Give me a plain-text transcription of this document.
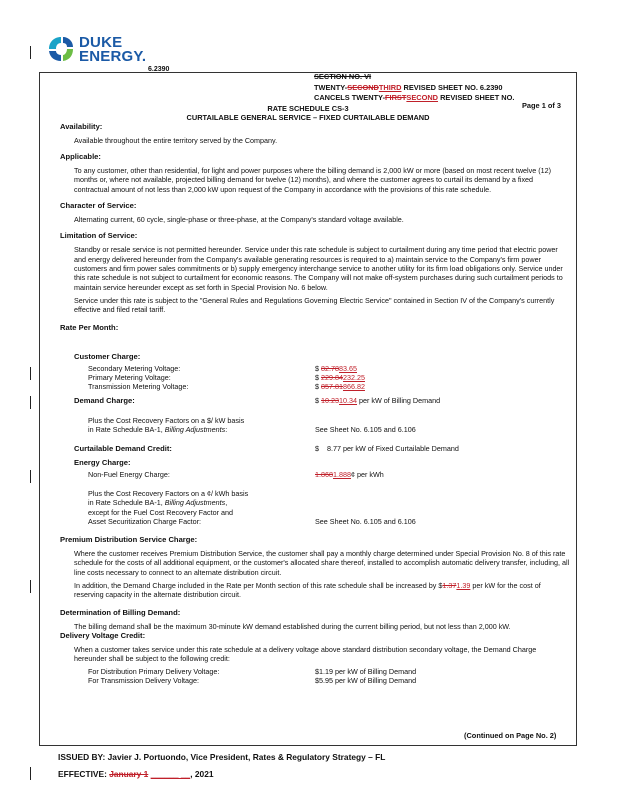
DUKE
ENERGY.
6.2390
SECTION NO. VI
TWENTY-SECONDTHIRD REVISED SHEET NO. 6.2390
CANCELS TWENTY-FIRSTSECOND REVISED SHEET NO.
Page 1 of 3
RATE SCHEDULE CS-3
CURTAILABLE GENERAL SERVICE – FIXED CURTAILABLE DEMAND
Availability:

Available throughout the entire territory served by the Company.

Applicable:

To any customer, other than residential, for light and power purposes where the billing demand is 2,000 kW or more (based on most recent twelve (12) months or, where not available, projected billing demand for twelve (12) months), and where the customer agrees to curtail its demand by a fixed contractual amount of not less than 2,000 kW upon request of the Company in accordance with the provisions of this rate schedule.

Character of Service:

Alternating current, 60 cycle, single-phase or three-phase, at the Company's standard voltage available.

Limitation of Service:

Standby or resale service is not permitted hereunder. Service under this rate schedule is subject to curtailment during any time period that electric power and energy delivered hereunder from the Company's available generating resources is required to a) maintain service to the Company's firm power customers and firm power sales commitments or b) supply emergency interchange service to another utility for its firm load obligations only. Service under this rate schedule is not subject to curtailment for economic reasons. The Company will not make off-system purchases during such curtailment periods to maintain service hereunder except as set forth in Special Provision No. 6 below.

Service under this rate is subject to the "General Rules and Regulations Governing Electric Service" contained in Section IV of the Company's currently effective and filed retail tariff.

Rate Per Month:
Customer Charge:
Secondary Metering Voltage:	$ 82.7883.65
Primary Metering Voltage:	$ 229.84232.25
Transmission Metering Voltage:	$ 857.81866.82
Demand Charge:	$ 10.2310.34 per kW of Billing Demand
Plus the Cost Recovery Factors on a $/ kW basis
in Rate Schedule BA-1, Billing Adjustments:	See Sheet No. 6.105 and 6.106
Curtailable Demand Credit:	$ 8.77 per kW of Fixed Curtailable Demand
Energy Charge:
Non-Fuel Energy Charge:	1.8681.888¢ per kWh
Plus the Cost Recovery Factors on a ¢/ kWh basis
in Rate Schedule BA-1, Billing Adjustments,
except for the Fuel Cost Recovery Factor and
Asset Securitization Charge Factor:	See Sheet No. 6.105 and 6.106
Premium Distribution Service Charge:

Where the customer receives Premium Distribution Service, the customer shall pay a monthly charge determined under Special Provision No. 8 of this rate schedule for the costs of all additional equipment, or the customer's allocated share thereof, installed to accomplish automatic delivery transfer, including, all line costs necessary to connect to an alternate distribution circuit.

In addition, the Demand Charge included in the Rate per Month section of this rate schedule shall be increased by $1.371.39 per kW for the cost of reserving capacity in the alternate distribution circuit.

Determination of Billing Demand:

The billing demand shall be the maximum 30-minute kW demand established during the current billing period, but not less than 2,000 kW.

Delivery Voltage Credit:

When a customer takes service under this rate schedule at a delivery voltage above standard distribution secondary voltage, the Demand Charge hereunder shall be subject to the following credit:

For Distribution Primary Delivery Voltage:	$1.19 per kW of Billing Demand
For Transmission Delivery Voltage:	$5.95 per kW of Billing Demand
(Continued on Page No. 2)
ISSUED BY: Javier J. Portuondo, Vice President, Rates & Regulatory Strategy – FL
EFFECTIVE: January 1 ______ __, 2021
